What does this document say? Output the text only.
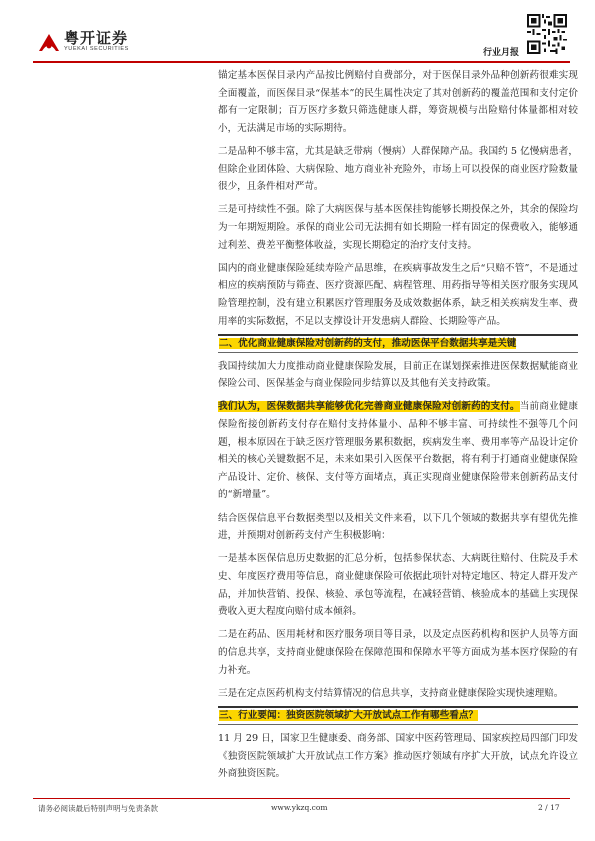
粤开证券
YUEKAI SECURITIES	行业月报

锚定基本医保目录内产品按比例赔付自费部分，对于医保目录外品种创新药很难实现全面覆盖，而医保目录“保基本”的民生属性决定了其对创新药的覆盖范围和支付定价都有一定限制；百万医疗多数只筛选健康人群，筹资规模与出险赔付体量都相对较小，无法满足市场的实际期待。

二是品种不够丰富，尤其是缺乏带病（慢病）人群保障产品。我国约 5 亿慢病患者，但除企业团体险、大病保险、地方商业补充险外，市场上可以投保的商业医疗险数量很少，且条件相对严苛。

三是可持续性不强。除了大病医保与基本医保挂钩能够长期投保之外，其余的保险均为一年期短期险。承保的商业公司无法拥有如长期险一样有固定的保费收入，能够通过利差、费差平衡整体收益，实现长期稳定的治疗支付支持。

国内的商业健康保险延续寿险产品思维，在疾病事故发生之后“只赔不管”，不是通过相应的疾病预防与筛查、医疗资源匹配、病程管理、用药指导等相关医疗服务实现风险管理控制，没有建立积累医疗管理服务及成效数据体系，缺乏相关疾病发生率、费用率的实际数据，不足以支撑设计开发患病人群险、长期险等产品。

二、优化商业健康保险对创新药的支付，推动医保平台数据共享是关键

我国持续加大力度推动商业健康保险发展，目前正在谋划探索推进医保数据赋能商业保险公司、医保基金与商业保险同步结算以及其他有关支持政策。

我们认为，医保数据共享能够优化完善商业健康保险对创新药的支付。当前商业健康保险衔接创新药支付存在赔付支持体量小、品种不够丰富、可持续性不强等几个问题，根本原因在于缺乏医疗管理服务累积数据，疾病发生率、费用率等产品设计定价相关的核心关键数据不足，未来如果引入医保平台数据，将有利于打通商业健康保险产品设计、定价、核保、支付等方面堵点，真正实现商业健康保险带来创新药品支付的“新增量”。

结合医保信息平台数据类型以及相关文件来看，以下几个领域的数据共享有望优先推进，并预期对创新药支付产生积极影响：

一是基本医保信息历史数据的汇总分析，包括参保状态、大病既往赔付、住院及手术史、年度医疗费用等信息，商业健康保险可依据此项针对特定地区、特定人群开发产品，并加快营销、投保、核验、承包等流程，在减轻营销、核验成本的基础上实现保费收入更大程度向赔付成本倾斜。

二是在药品、医用耗材和医疗服务项目等目录，以及定点医药机构和医护人员等方面的信息共享，支持商业健康保险在保障范围和保障水平等方面成为基本医疗保险的有力补充。

三是在定点医药机构支付结算情况的信息共享，支持商业健康保险实现快速理赔。

三、行业要闻：独资医院领域扩大开放试点工作有哪些看点？

11 月 29 日，国家卫生健康委、商务部、国家中医药管理局、国家疾控局四部门印发《独资医院领域扩大开放试点工作方案》推动医疗领域有序扩大开放，试点允许设立外商独资医院。

请务必阅读最后特别声明与免责条款	www.ykzq.com	2 / 17
